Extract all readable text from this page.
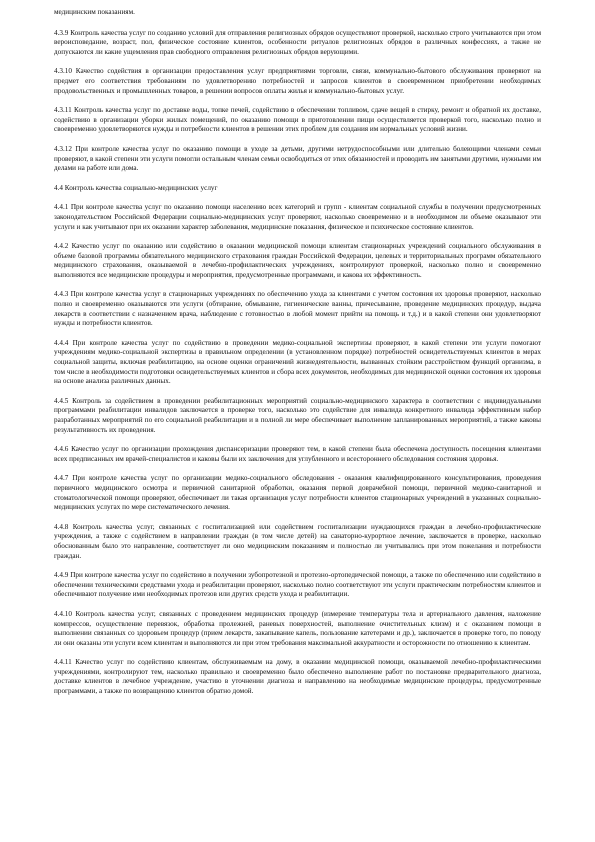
медицинским показаниям.

4.3.9 Контроль качества услуг по созданию условий для отправления религиозных обрядов осуществляют проверкой, насколько строго учитываются при этом вероисповедание, возраст, пол, физическое состояние клиентов, особенности ритуалов религиозных обрядов в различных конфессиях, а также не допускаются ли какие ущемления прав свободного отправления религиозных обрядов верующими.

4.3.10 Качество содействия в организации предоставления услуг предприятиями торговли, связи, коммунально-бытового обслуживания проверяют на предмет его соответствия требованиям по удовлетворению потребностей и запросов клиентов в своевременном приобретении необходимых продовольственных и промышленных товаров, в решении вопросов оплаты жилья и коммунально-бытовых услуг.

4.3.11 Контроль качества услуг по доставке воды, топке печей, содействию в обеспечении топливом, сдаче вещей в стирку, ремонт и обратной их доставке, содействию в организации уборки жилых помещений, по оказанию помощи в приготовлении пищи осуществляется проверкой того, насколько полно и своевременно удовлетворяются нужды и потребности клиентов в решении этих проблем для создания им нормальных условий жизни.

4.3.12 При контроле качества услуг по оказанию помощи в уходе за детьми, другими нетрудоспособными или длительно болеющими членами семьи проверяют, в какой степени эти услуги помогли остальным членам семьи освободиться от этих обязанностей и проводить им занятыми другими, нужными им делами на работе или дома.

4.4 Контроль качества социально-медицинских услуг

4.4.1 При контроле качества услуг по оказанию помощи населению всех категорий и групп - клиентам социальной службы в получении предусмотренных законодательством Российской Федерации социально-медицинских услуг проверяют, насколько своевременно и в необходимом ли объеме оказывают эти услуги и как учитывают при их оказании характер заболевания, медицинские показания, физическое и психическое состояние клиентов.

4.4.2 Качество услуг по оказанию или содействию в оказании медицинской помощи клиентам стационарных учреждений социального обслуживания в объеме базовой программы обязательного медицинского страхования граждан Российской Федерации, целевых и территориальных программ обязательного медицинского страхования, оказываемой в лечебно-профилактических учреждениях, контролируют проверкой, насколько полно и своевременно выполняются все медицинские процедуры и мероприятия, предусмотренные программами, и какова их эффективность.

4.4.3 При контроле качества услуг в стационарных учреждениях по обеспечению ухода за клиентами с учетом состояния их здоровья проверяют, насколько полно и своевременно оказываются эти услуги (обтирание, обмывание, гигиенические ванны, причесывание, проведение медицинских процедур, выдача лекарств в соответствии с назначением врача, наблюдение с готовностью в любой момент прийти на помощь и т.д.) и в какой степени они удовлетворяют нужды и потребности клиентов.

4.4.4 При контроле качества услуг по содействию в проведении медико-социальной экспертизы проверяют, в какой степени эти услуги помогают учреждениям медико-социальной экспертизы в правильном определении (в установленном порядке) потребностей освидетельствуемых клиентов в мерах социальной защиты, включая реабилитацию, на основе оценки ограничений жизнедеятельности, вызванных стойким расстройством функций организма, в том числе в необходимости подготовки освидетельствуемых клиентов и сбора всех документов, необходимых для медицинской оценки состояния их здоровья на основе анализа различных данных.

4.4.5 Контроль за содействием в проведении реабилитационных мероприятий социально-медицинского характера в соответствии с индивидуальными программами реабилитации инвалидов заключается в проверке того, насколько это содействие для инвалида конкретного инвалида эффективным набор разработанных мероприятий по его социальной реабилитации и в полной ли мере обеспечивает выполнение запланированных мероприятий, а также каковы результативность их проведения.

4.4.6 Качество услуг по организации прохождения диспансеризации проверяют тем, в какой степени была обеспечена доступность посещения клиентами всех предписанных им врачей-специалистов и каковы были их заключения для углубленного и всестороннего обследования состояния здоровья.

4.4.7 При контроле качества услуг по организации медико-социального обследования - оказания квалифицированного консультирования, проведения первичного медицинского осмотра и первичной санитарной обработки, оказания первой доврачебной помощи, первичной медико-санитарной и стоматологической помощи проверяют, обеспечивает ли такая организация услуг потребности клиентов стационарных учреждений в указанных социально-медицинских услугах по мере систематического лечения.

4.4.8 Контроль качества услуг, связанных с госпитализацией или содействием госпитализации нуждающихся граждан в лечебно-профилактические учреждения, а также с содействием в направлении граждан (в том числе детей) на санаторно-курортное лечение, заключается в проверке, насколько обоснованным было это направление, соответствует ли оно медицинским показаниям и полностью ли учитывались при этом пожелания и потребности граждан.

4.4.9 При контроле качества услуг по содействию в получении зубопротезной и протезно-ортопедической помощи, а также по обеспечению или содействию в обеспечении техническими средствами ухода и реабилитации проверяют, насколько полно соответствуют эти услуги практическим потребностям клиентов и обеспечивают получение ими необходимых протезов или других средств ухода и реабилитации.

4.4.10 Контроль качества услуг, связанных с проведением медицинских процедур (измерение температуры тела и артериального давления, наложение компрессов, осуществление перевязок, обработка пролежней, раневых поверхностей, выполнение очистительных клизм) и с оказанием помощи в выполнении связанных со здоровьем процедур (прием лекарств, закапывание капель, пользование катетерами и др.), заключается в проверке того, по поводу ли они оказаны эти услуги всем клиентам и выполняются ли при этом требования максимальной аккуратности и осторожности по отношению к клиентам.

4.4.11 Качество услуг по содействию клиентам, обслуживаемым на дому, в оказании медицинской помощи, оказываемой лечебно-профилактическими учреждениями, контролируют тем, насколько правильно и своевременно было обеспечено выполнение работ по постановке предварительного диагноза, доставке клиентов в лечебное учреждение, участию в уточнении диагноза и направлению на необходимые медицинские процедуры, предусмотренные программами, а также по возвращению клиентов обратно домой.
